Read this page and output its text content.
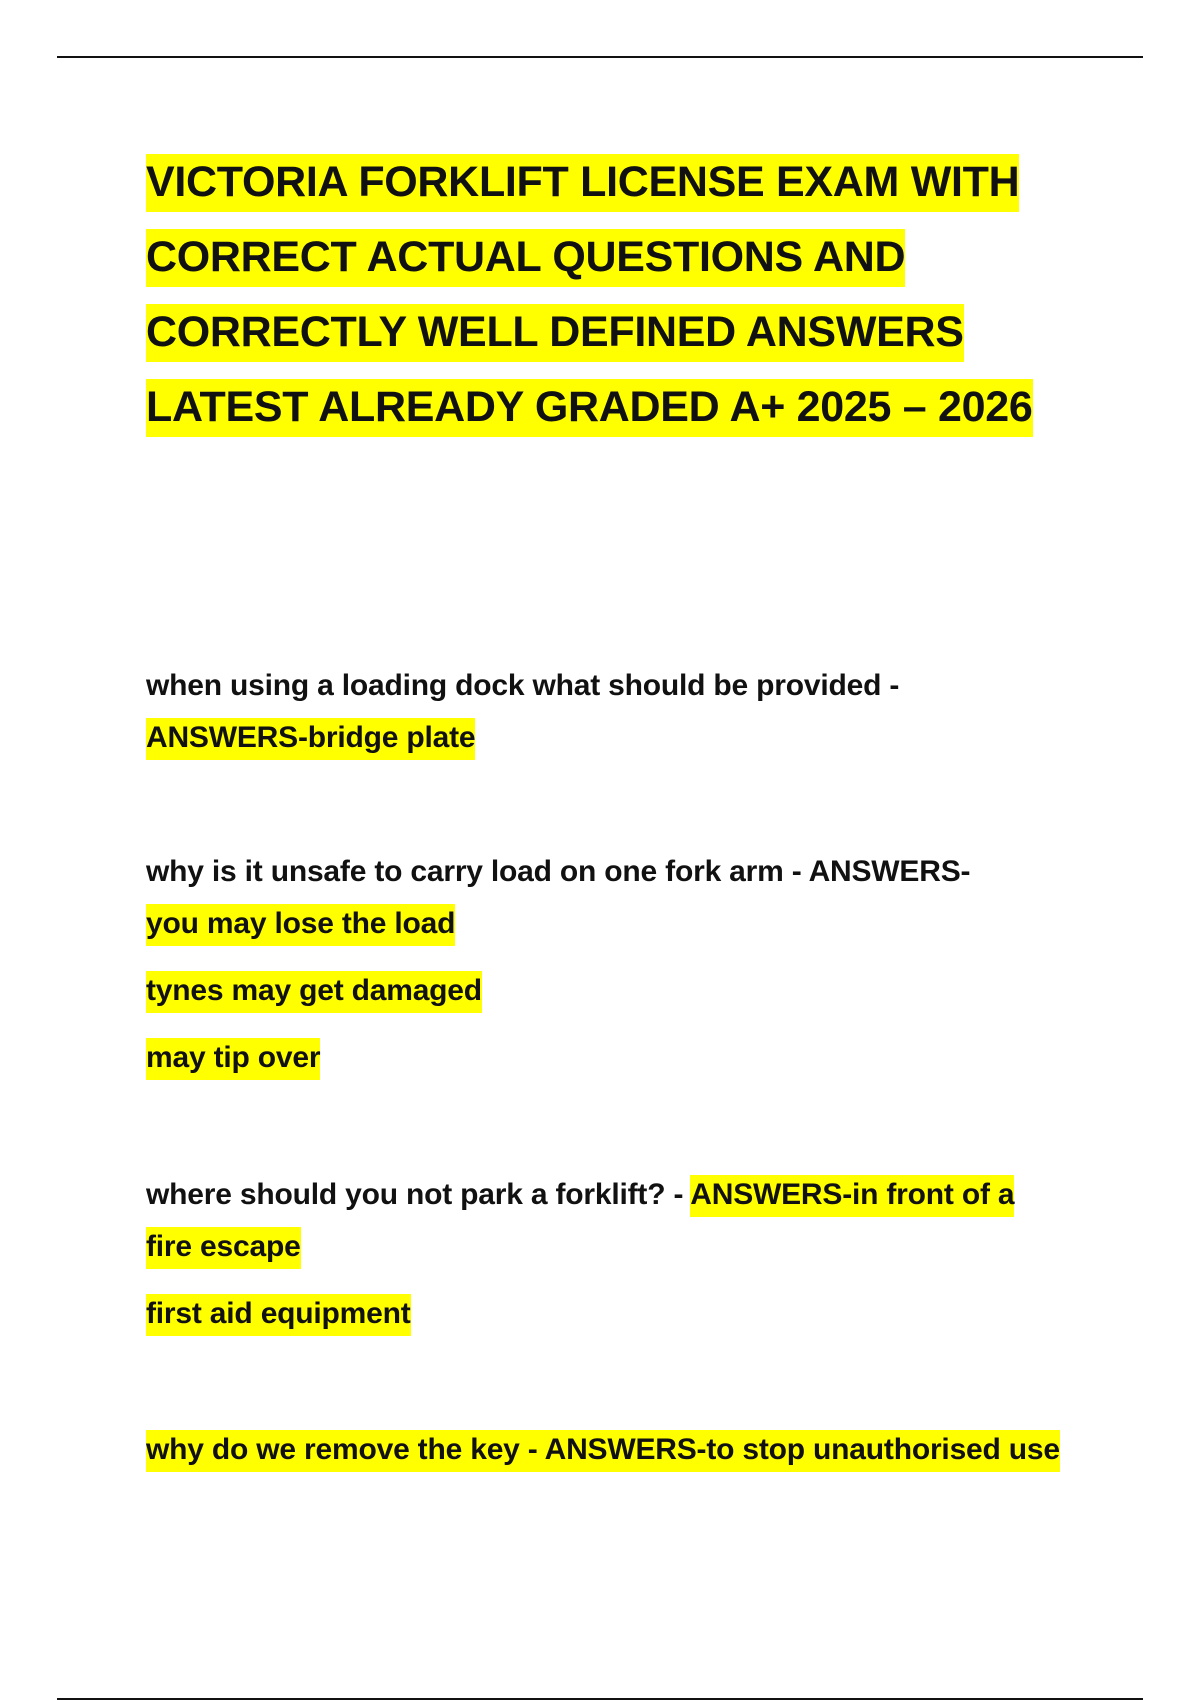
VICTORIA FORKLIFT LICENSE EXAM WITH CORRECT ACTUAL QUESTIONS AND CORRECTLY WELL DEFINED ANSWERS LATEST ALREADY GRADED A+ 2025 – 2026

when using a loading dock what should be provided - ANSWERS-bridge plate

why is it unsafe to carry load on one fork arm - ANSWERS-
you may lose the load

tynes may get damaged

may tip over

where should you not park a forklift? - ANSWERS-in front of a fire escape

first aid equipment

why do we remove the key - ANSWERS-to stop unauthorised use
